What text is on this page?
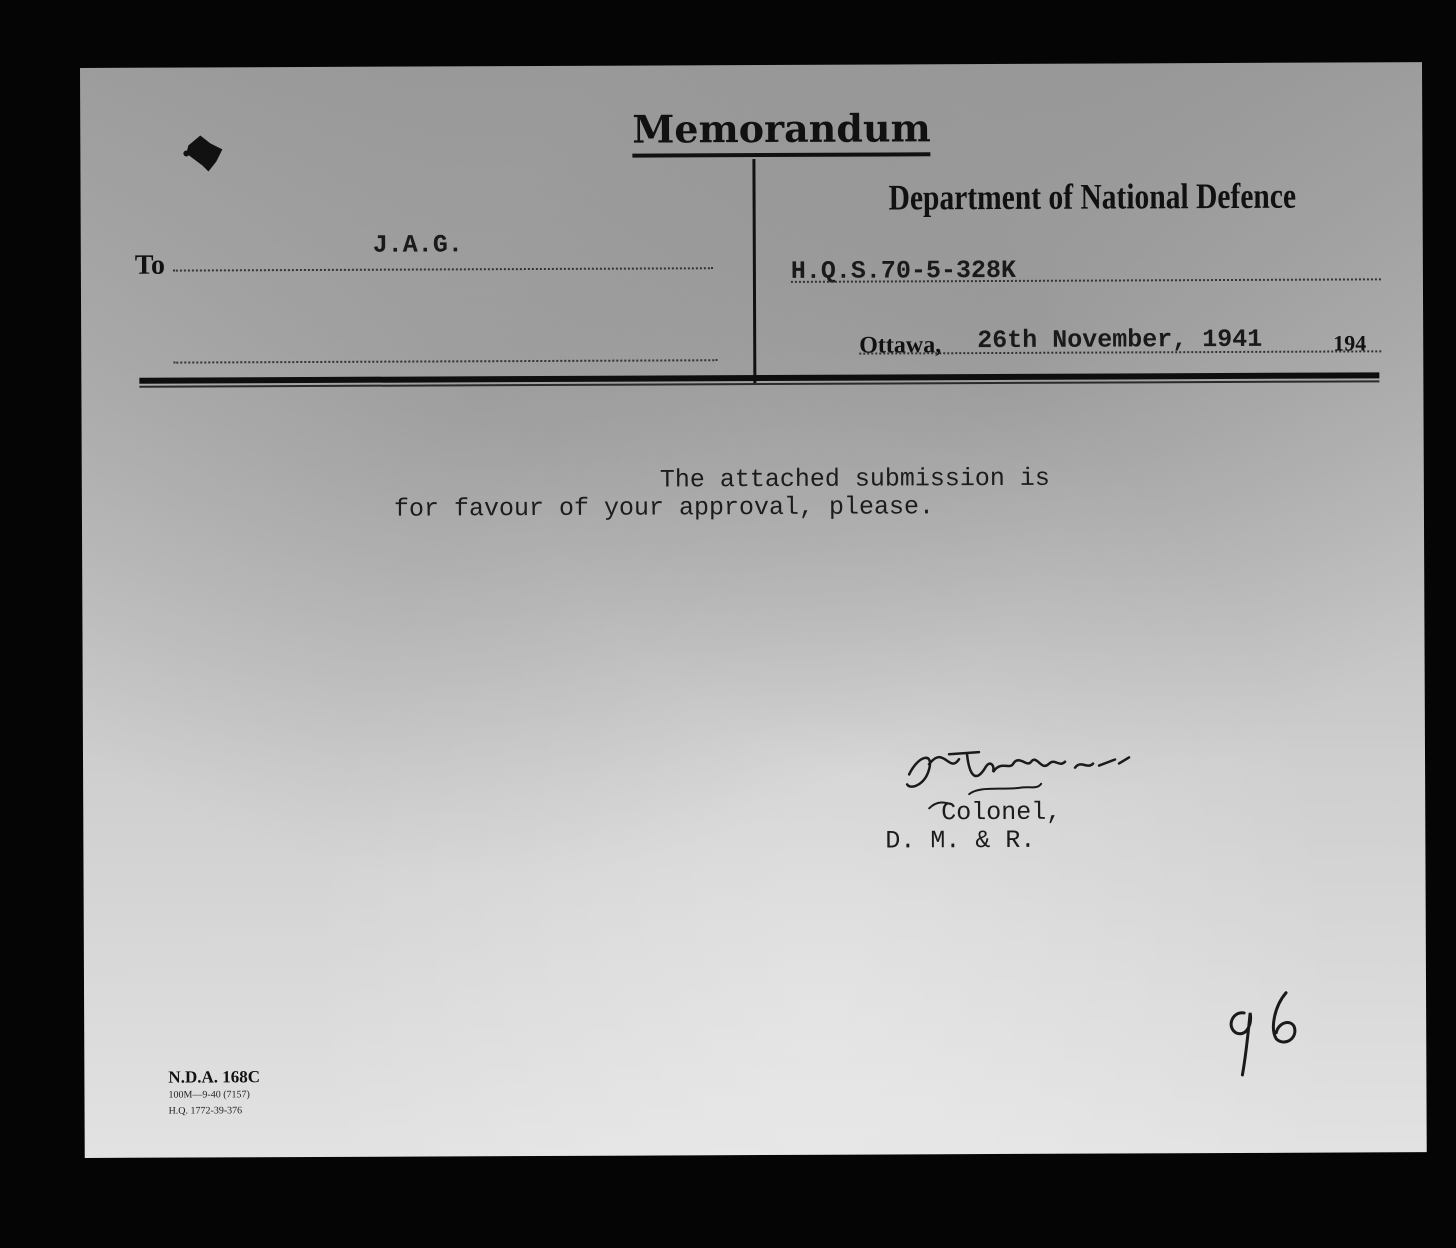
Memorandum
Department of National Defence
To
J.A.G.
H.Q.S.70-5-328K
Ottawa, 26th November, 1941	194
The attached submission is
for favour of your approval, please.
Colonel,
D. M. & R.
N.D.A. 168C
100M—9-40 (7157)
H.Q. 1772-39-376
